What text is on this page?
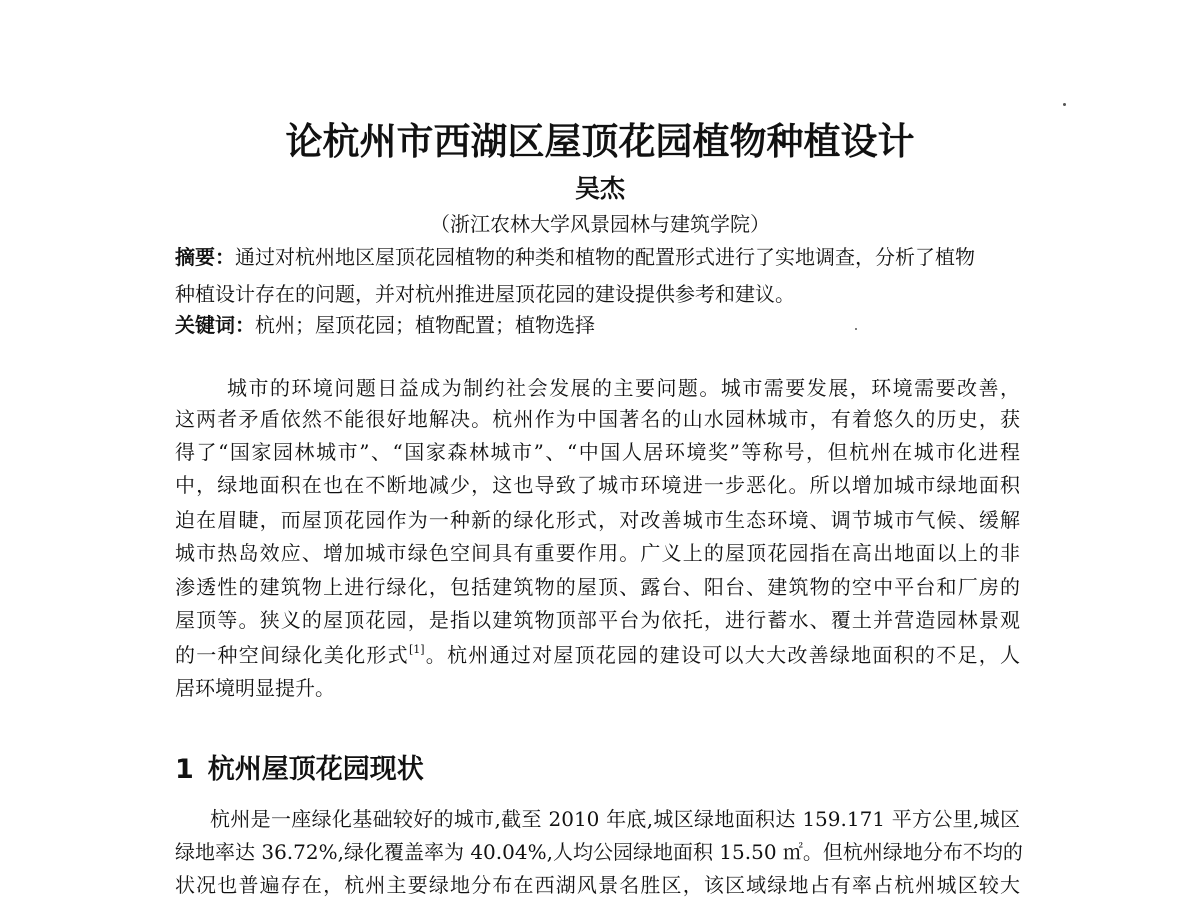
论杭州市西湖区屋顶花园植物种植设计
吴杰
（浙江农林大学风景园林与建筑学院）
摘要：通过对杭州地区屋顶花园植物的种类和植物的配置形式进行了实地调查，分析了植物
种植设计存在的问题，并对杭州推进屋顶花园的建设提供参考和建议。
关键词：杭州；屋顶花园；植物配置；植物选择
城市的环境问题日益成为制约社会发展的主要问题。城市需要发展，环境需要改善，
这两者矛盾依然不能很好地解决。杭州作为中国著名的山水园林城市，有着悠久的历史，获
得了“国家园林城市”、“国家森林城市”、“中国人居环境奖”等称号，但杭州在城市化进程
中，绿地面积在也在不断地减少，这也导致了城市环境进一步恶化。所以增加城市绿地面积
迫在眉睫，而屋顶花园作为一种新的绿化形式，对改善城市生态环境、调节城市气候、缓解
城市热岛效应、增加城市绿色空间具有重要作用。广义上的屋顶花园指在高出地面以上的非
渗透性的建筑物上进行绿化，包括建筑物的屋顶、露台、阳台、建筑物的空中平台和厂房的
屋顶等。狭义的屋顶花园，是指以建筑物顶部平台为依托，进行蓄水、覆土并营造园林景观
的一种空间绿化美化形式[1]。杭州通过对屋顶花园的建设可以大大改善绿地面积的不足，人
居环境明显提升。
1 杭州屋顶花园现状
杭州是一座绿化基础较好的城市,截至 2010 年底,城区绿地面积达 159.171 平方公里,城区
绿地率达 36.72%,绿化覆盖率为 40.04%,人均公园绿地面积 15.50 ㎡。但杭州绿地分布不均的
状况也普遍存在，杭州主要绿地分布在西湖风景名胜区，该区域绿地占有率占杭州城区较大
